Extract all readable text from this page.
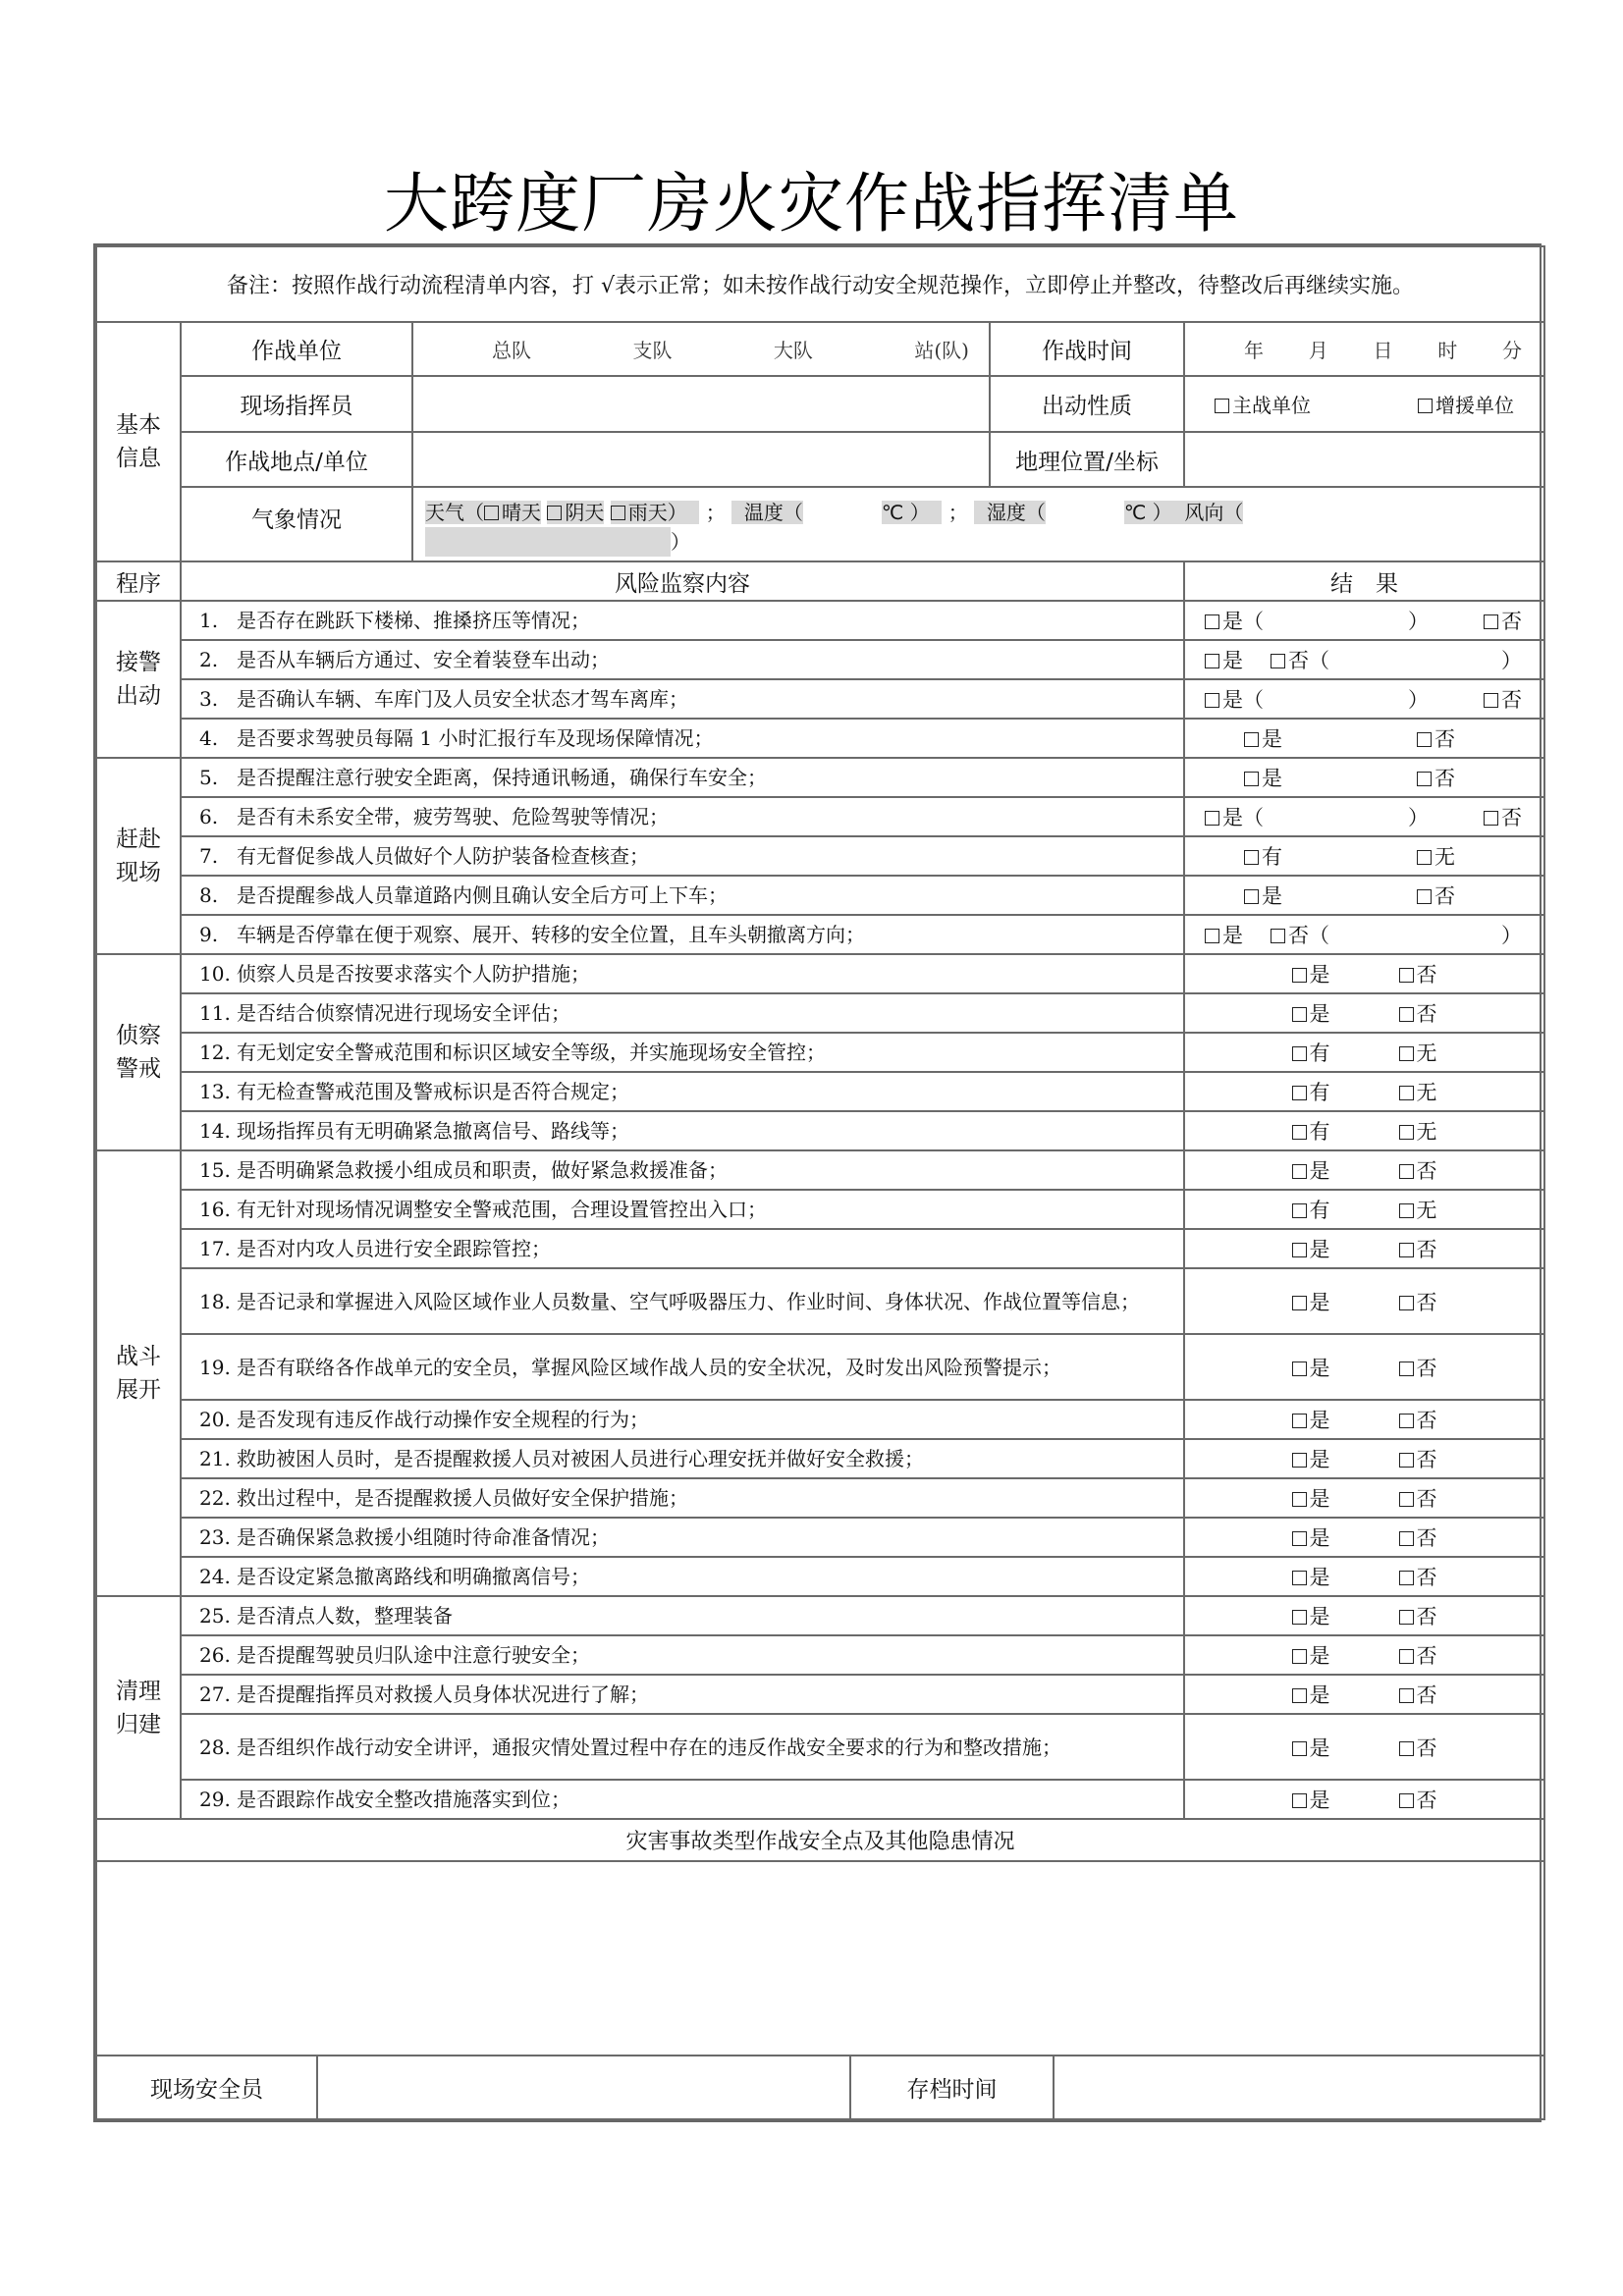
大跨度厂房火灾作战指挥清单
备注：按照作战行动流程清单内容，打 √表示正常；如未按作战行动安全规范操作，立即停止并整改，待整改后再继续实施。				
基本信息	作战单位	总队 支队 大队 站(队)	作战时间	年 月 日 时 分

	现场指挥员		出动性质	主战单位 增援单位

	作战地点/单位		地理位置/坐标	
	气象情况	天气（ 晴天 阴天 雨天） ； 温度（ ℃ ） ； 湿度（ ℃ ） 风向（
）		
程序	风险监察内容			结　果
接警出动	1. 是否存在跳跃下楼梯、推搡挤压等情况；			是（ ） 否

	2. 是否从车辆后方通过、安全着装登车出动；			是 否（ ）

	3. 是否确认车辆、车库门及人员安全状态才驾车离库；			是（ ） 否

	4. 是否要求驾驶员每隔 1 小时汇报行车及现场保障情况；			是 否

赶赴现场	5. 是否提醒注意行驶安全距离，保持通讯畅通，确保行车安全；			是 否

	6. 是否有未系安全带，疲劳驾驶、危险驾驶等情况；			是（ ） 否

	7. 有无督促参战人员做好个人防护装备检查核查；			有 无

	8. 是否提醒参战人员靠道路内侧且确认安全后方可上下车；			是 否

	9. 车辆是否停靠在便于观察、展开、转移的安全位置，且车头朝撤离方向；			是 否（ ）

侦察警戒	10. 侦察人员是否按要求落实个人防护措施；			是 否

	11. 是否结合侦察情况进行现场安全评估；			是 否

	12. 有无划定安全警戒范围和标识区域安全等级，并实施现场安全管控；			有 无

	13. 有无检查警戒范围及警戒标识是否符合规定；			有 无

	14. 现场指挥员有无明确紧急撤离信号、路线等；			有 无

战斗展开	15. 是否明确紧急救援小组成员和职责，做好紧急救援准备；			是 否

	16. 有无针对现场情况调整安全警戒范围，合理设置管控出入口；			有 无

	17. 是否对内攻人员进行安全跟踪管控；			是 否

	18. 是否记录和掌握进入风险区域作业人员数量、空气呼吸器压力、作业时间、身体状况、作战位置等信息；			是 否

	19. 是否有联络各作战单元的安全员，掌握风险区域作战人员的安全状况，及时发出风险预警提示；			是 否

	20. 是否发现有违反作战行动操作安全规程的行为；			是 否

	21. 救助被困人员时，是否提醒救援人员对被困人员进行心理安抚并做好安全救援；			是 否

	22. 救出过程中，是否提醒救援人员做好安全保护措施；			是 否

	23. 是否确保紧急救援小组随时待命准备情况；			是 否

	24. 是否设定紧急撤离路线和明确撤离信号；			是 否

清理归建	25. 是否清点人数，整理装备			是 否

	26. 是否提醒驾驶员归队途中注意行驶安全；			是 否

	27. 是否提醒指挥员对救援人员身体状况进行了解；			是 否

	28. 是否组织作战行动安全讲评，通报灾情处置过程中存在的违反作战安全要求的行为和整改措施；			是 否

	29. 是否跟踪作战安全整改措施落实到位；			是 否
灾害事故类型作战安全点及其他隐患情况

现场安全员		存档时间	
